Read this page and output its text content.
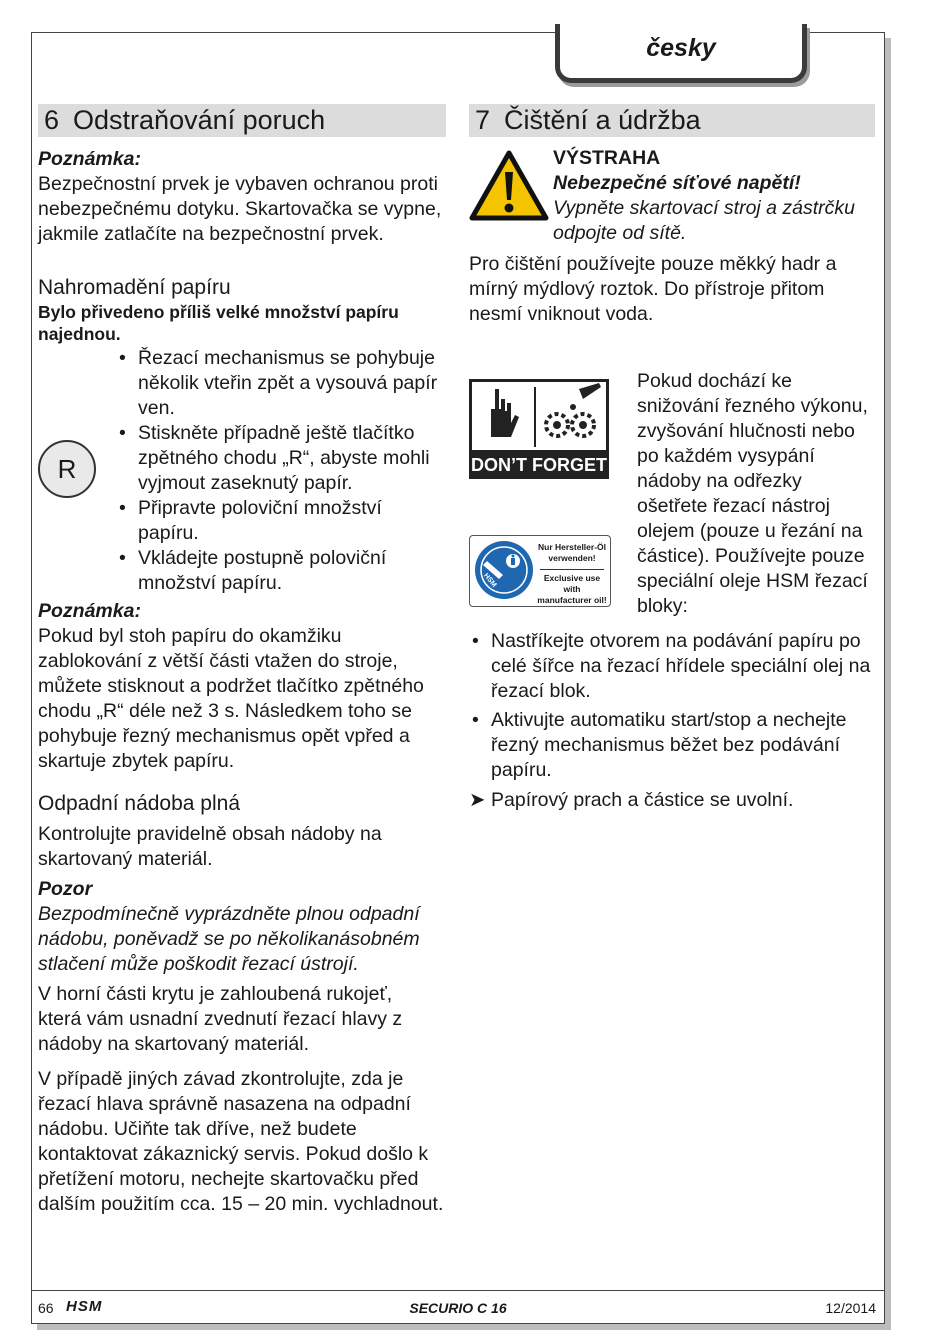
česky
6 Odstraňování poruch

Poznámka:

Bezpečnostní prvek je vybaven ochranou proti nebezpečnému dotyku. Skartovačka se vypne, jakmile zatlačíte na bezpečnostní prvek.

Nahromadění papíru

Bylo přivedeno příliš velké množství papíru najednou.

• Řezací mechanismus se pohybuje několik vteřin zpět a vysouvá papír ven.
• Stiskněte případně ještě tlačítko zpětného chodu „R“, abyste mohli vyjmout zaseknutý papír.
• Připravte poloviční množství papíru.
• Vkládejte postupně poloviční množství papíru.

Poznámka:

Pokud byl stoh papíru do okamžiku zablokování z větší části vtažen do stroje, můžete stisknout a podržet tlačítko zpětného chodu „R“ déle než 3 s. Následkem toho se pohybuje řezný mechanismus opět vpřed a skartuje zbytek papíru.

Odpadní nádoba plná

Kontrolujte pravidelně obsah nádoby na skartovaný materiál.

Pozor

Bezpodmínečně vyprázdněte plnou odpadní nádobu, poněvadž se po několikanásobném stlačení může poškodit řezací ústrojí.

V horní části krytu je zahloubená rukojeť, která vám usnadní zvednutí řezací hlavy z nádoby na skartovaný materiál.

V případě jiných závad zkontrolujte, zda je řezací hlava správně nasazena na odpadní nádobu. Učiňte tak dříve, než budete kontaktovat zákaznický servis. Pokud došlo k přetížení motoru, nechejte skartovačku před dalším použitím cca. 15 – 20 min. vychladnout.

R
7 Čištění a údržba

VÝSTRAHA

Nebezpečné síťové napětí!

Vypněte skartovací stroj a zástrčku odpojte od sítě.

Pro čištění používejte pouze měkký hadr a mírný mýdlový roztok. Do přístroje přitom nesmí vniknout voda.

DON’T FORGET
HSM
Nur Hersteller-Öl
verwenden!
Exclusive use with
manufacturer oil!

Pokud dochází ke snižování řezného výkonu, zvyšování hlučnosti nebo po každém vysypání nádoby na odřezky ošetřete řezací nástroj olejem (pouze u řezání na částice). Používejte pouze speciální oleje HSM řezací bloky:

• Nastříkejte otvorem na podávání papíru po celé šířce na řezací hřídele speciální olej na řezací blok.
• Aktivujte automatiku start/stop a nechejte řezný mechanismus běžet bez podávání papíru.
➤ Papírový prach a částice se uvolní.
66 HSM	SECURIO C 16	12/2014
